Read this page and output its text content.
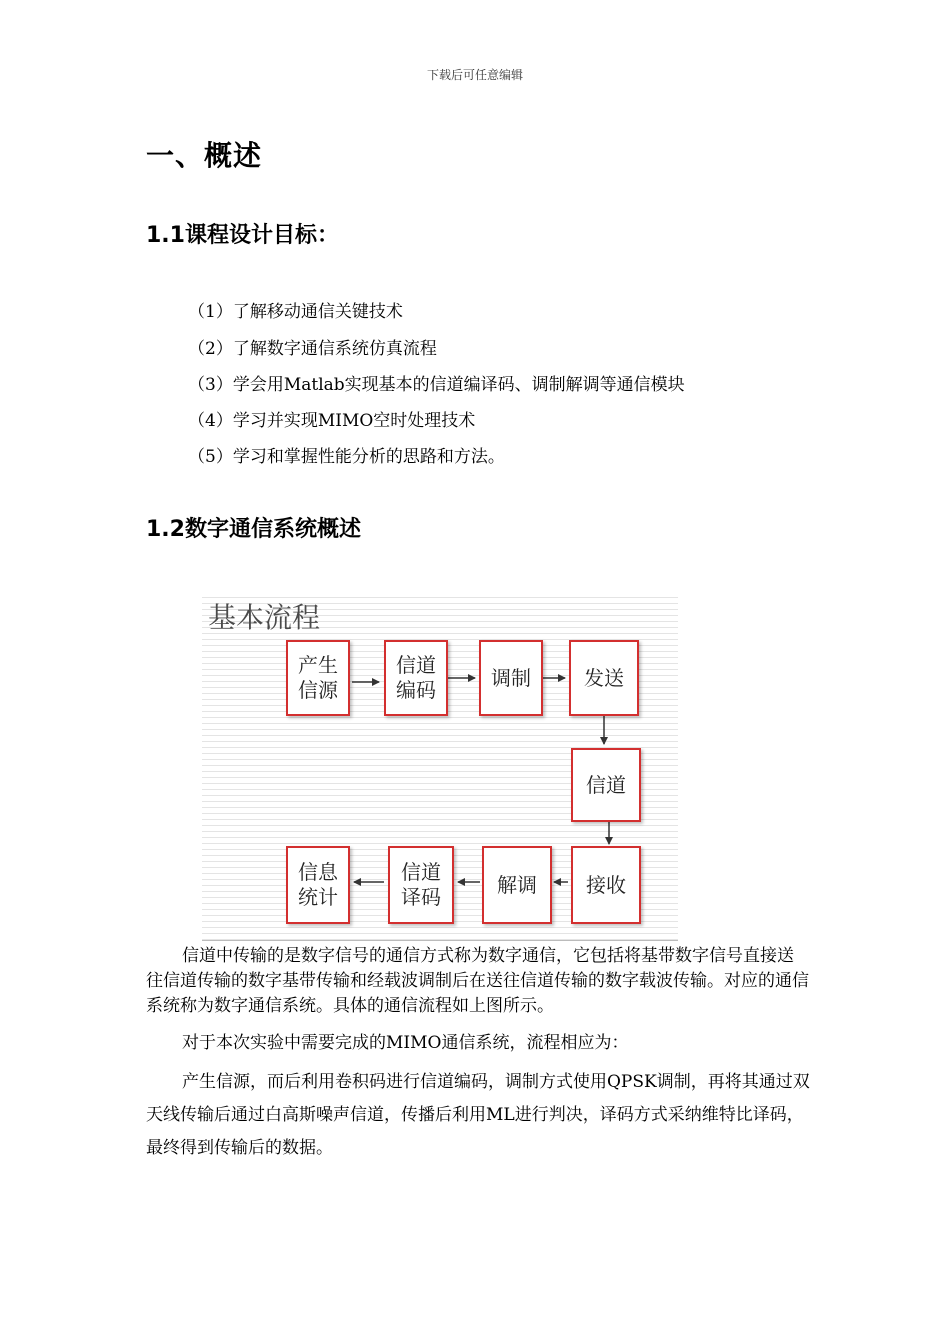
下载后可任意编辑
一、概述
1.1课程设计目标：
（1）了解移动通信关键技术
（2）了解数字通信系统仿真流程
（3）学会用Matlab实现基本的信道编译码、调制解调等通信模块
（4）学习并实现MIMO空时处理技术
（5）学习和掌握性能分析的思路和方法。
1.2数字通信系统概述
基本流程
产生
信源
信道
编码
调制	发送
信道
接收
解调
信道
译码
信息
统计
信道中传输的是数字信号的通信方式称为数字通信，它包括将基带数字信号直接送往信道传输的数字基带传输和经载波调制后在送往信道传输的数字载波传输。对应的通信系统称为数字通信系统。具体的通信流程如上图所示。
对于本次实验中需要完成的MIMO通信系统，流程相应为：
产生信源，而后利用卷积码进行信道编码，调制方式使用QPSK调制，再将其通过双天线传输后通过白高斯噪声信道，传播后利用ML进行判决，译码方式采纳维特比译码，最终得到传输后的数据。
